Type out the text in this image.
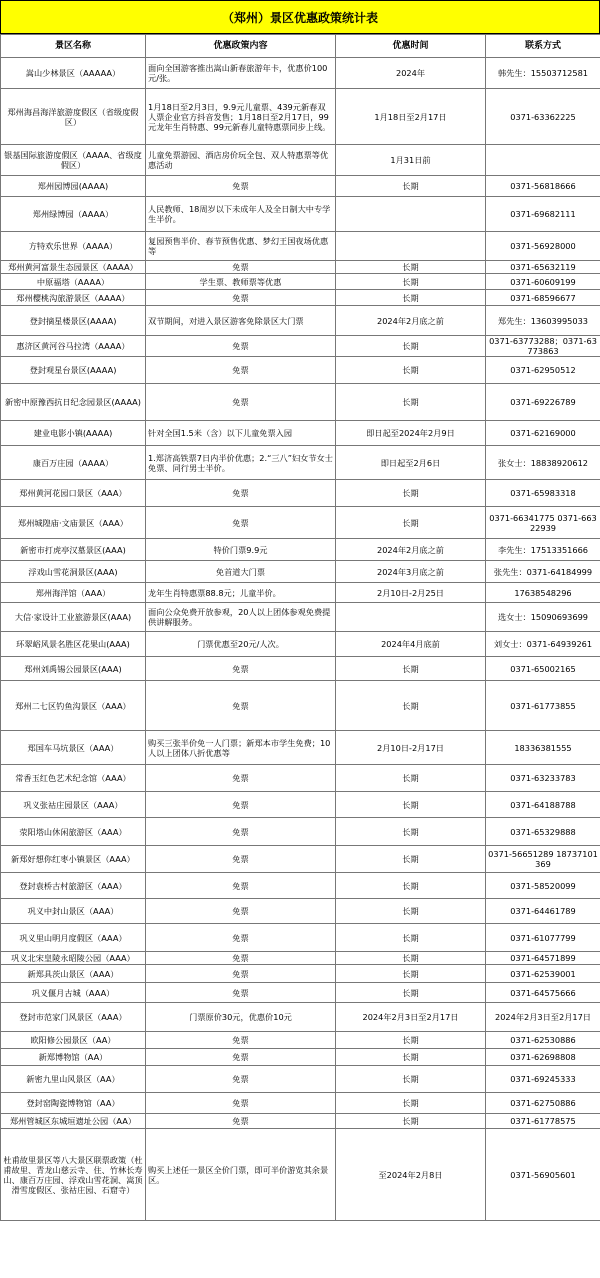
（郑州）景区优惠政策统计表
景区名称	优惠政策内容	优惠时间	联系方式
嵩山少林景区（AAAAA）	面向全国游客推出嵩山新春旅游年卡，优惠价100元/张。	2024年	韩先生：15503712581
郑州海昌海洋旅游度假区（省级度假区）	1月18日至2月3日，9.9元儿童票、439元新春双人票企业官方抖音发售；1月18日至2月17日，99元龙年生肖特惠、99元新春儿童特惠票同步上线。	1月18日至2月17日	0371-63362225
银基国际旅游度假区（AAAA、省级度假区）	儿童免票游园、酒店房价玩全包、双人特惠票等优惠活动	1月31日前	
郑州园博园(AAAA)	免票	长期	0371-56818666
郑州绿博园（AAAA）	人民教师、18周岁以下未成年人及全日制大中专学生半价。		0371-69682111
方特欢乐世界（AAAA）	复园预售半价、春节预售优惠、梦幻王国夜场优惠等		0371-56928000
郑州黄河富景生态园景区（AAAA）	免票	长期	0371-65632119
中原福塔（AAAA）	学生票、教师票等优惠	长期	0371-60609199
郑州樱桃沟旅游景区（AAAA）	免票	长期	0371-68596677
登封摘星楼景区(AAAA)	双节期间，对进入景区游客免除景区大门票	2024年2月底之前	郑先生：13603995033
惠济区黄河谷马拉湾（AAAA）	免票	长期	0371-63773288；0371-63773863
登封观星台景区(AAAA)	免票	长期	0371-62950512
新密中原豫西抗日纪念园景区(AAAA)	免票	长期	0371-69226789
建业电影小镇(AAAA)	针对全国1.5米（含）以下儿童免票入园	即日起至2024年2月9日	0371-62169000
康百万庄园（AAAA）	1.郑济高铁票7日内半价优惠；2.“三八”妇女节女士免票、同行男士半价。	即日起至2月6日	张女士：18838920612
郑州黄河花园口景区（AAA）	免票	长期	0371-65983318
郑州城隍庙·文庙景区（AAA）	免票	长期	0371-66341775 0371-66322939
新密市打虎亭汉墓景区(AAA)	特价门票9.9元	2024年2月底之前	李先生：17513351666
浮戏山雪花洞景区(AAA)	免首道大门票	2024年3月底之前	张先生：0371-64184999
郑州海洋馆（AAA）	龙年生肖特惠票88.8元；儿童半价。	2月10日-2月25日	17638548296
大信·家设计工业旅游景区(AAA)	面向公众免费开放参观，20人以上团体参观免费提供讲解服务。		选女士：15090693699
环翠峪风景名胜区花果山(AAA)	门票优惠至20元/人次。	2024年4月底前	刘女士：0371-64939261
郑州刘禹锡公园景区(AAA)	免票	长期	0371-65002165
郑州二七区钓鱼沟景区（AAA）	免票	长期	0371-61773855
郑国车马坑景区（AAA）	购买三张半价免一人门票；新郑本市学生免费；10人以上团体八折优惠等	2月10日-2月17日	18336381555
常香玉红色艺术纪念馆（AAA）	免票	长期	0371-63233783
巩义张祜庄园景区（AAA）	免票	长期	0371-64188788
荥阳塔山休闲旅游区（AAA）	免票	长期	0371-65329888
新郑好想你红枣小镇景区（AAA）	免票	长期	0371-56651289 18737101369
登封袁桥古村旅游区（AAA）	免票	长期	0371-58520099
巩义中封山景区（AAA）	免票	长期	0371-64461789
巩义里山明月度假区（AAA）	免票	长期	0371-61077799
巩义北宋皇陵永昭陵公园（AAA）	免票	长期	0371-64571899
新郑具茨山景区（AAA）	免票	长期	0371-62539001
巩义偃月古城（AAA）	免票	长期	0371-64575666
登封市范家门风景区（AAA）	门票原价30元，优惠价10元	2024年2月3日至2月17日	2024年2月3日至2月17日
欧阳修公园景区（AA）	免票	长期	0371-62530886
新郑博物馆（AA）	免票	长期	0371-62698808
新密九里山风景区（AA）	免票	长期	0371-69245333
登封窑陶瓷博物馆（AA）	免票	长期	0371-62750886
郑州管城区东城垣遗址公园（AA）	免票	长期	0371-61778575
杜甫故里景区等八大景区联票政策（杜甫故里、青龙山慈云寺、住、竹林长寿山、康百万庄园、浮戏山雪花洞、嵩顶滑雪度假区、张祜庄园、石窟寺）	购买上述任一景区全价门票，即可半价游览其余景区。	至2024年2月8日	0371-56905601
